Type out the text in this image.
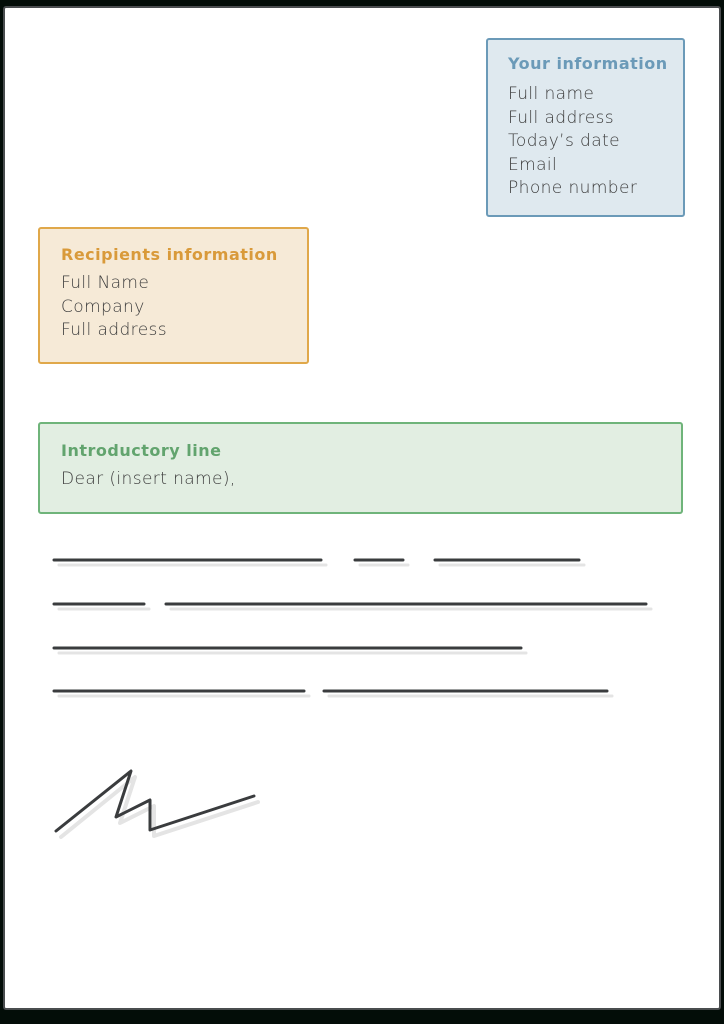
Your information
Full name
Full address
Today’s date
Email
Phone number
Recipients information
Full Name
Company
Full address
Introductory line
Dear (insert name),
